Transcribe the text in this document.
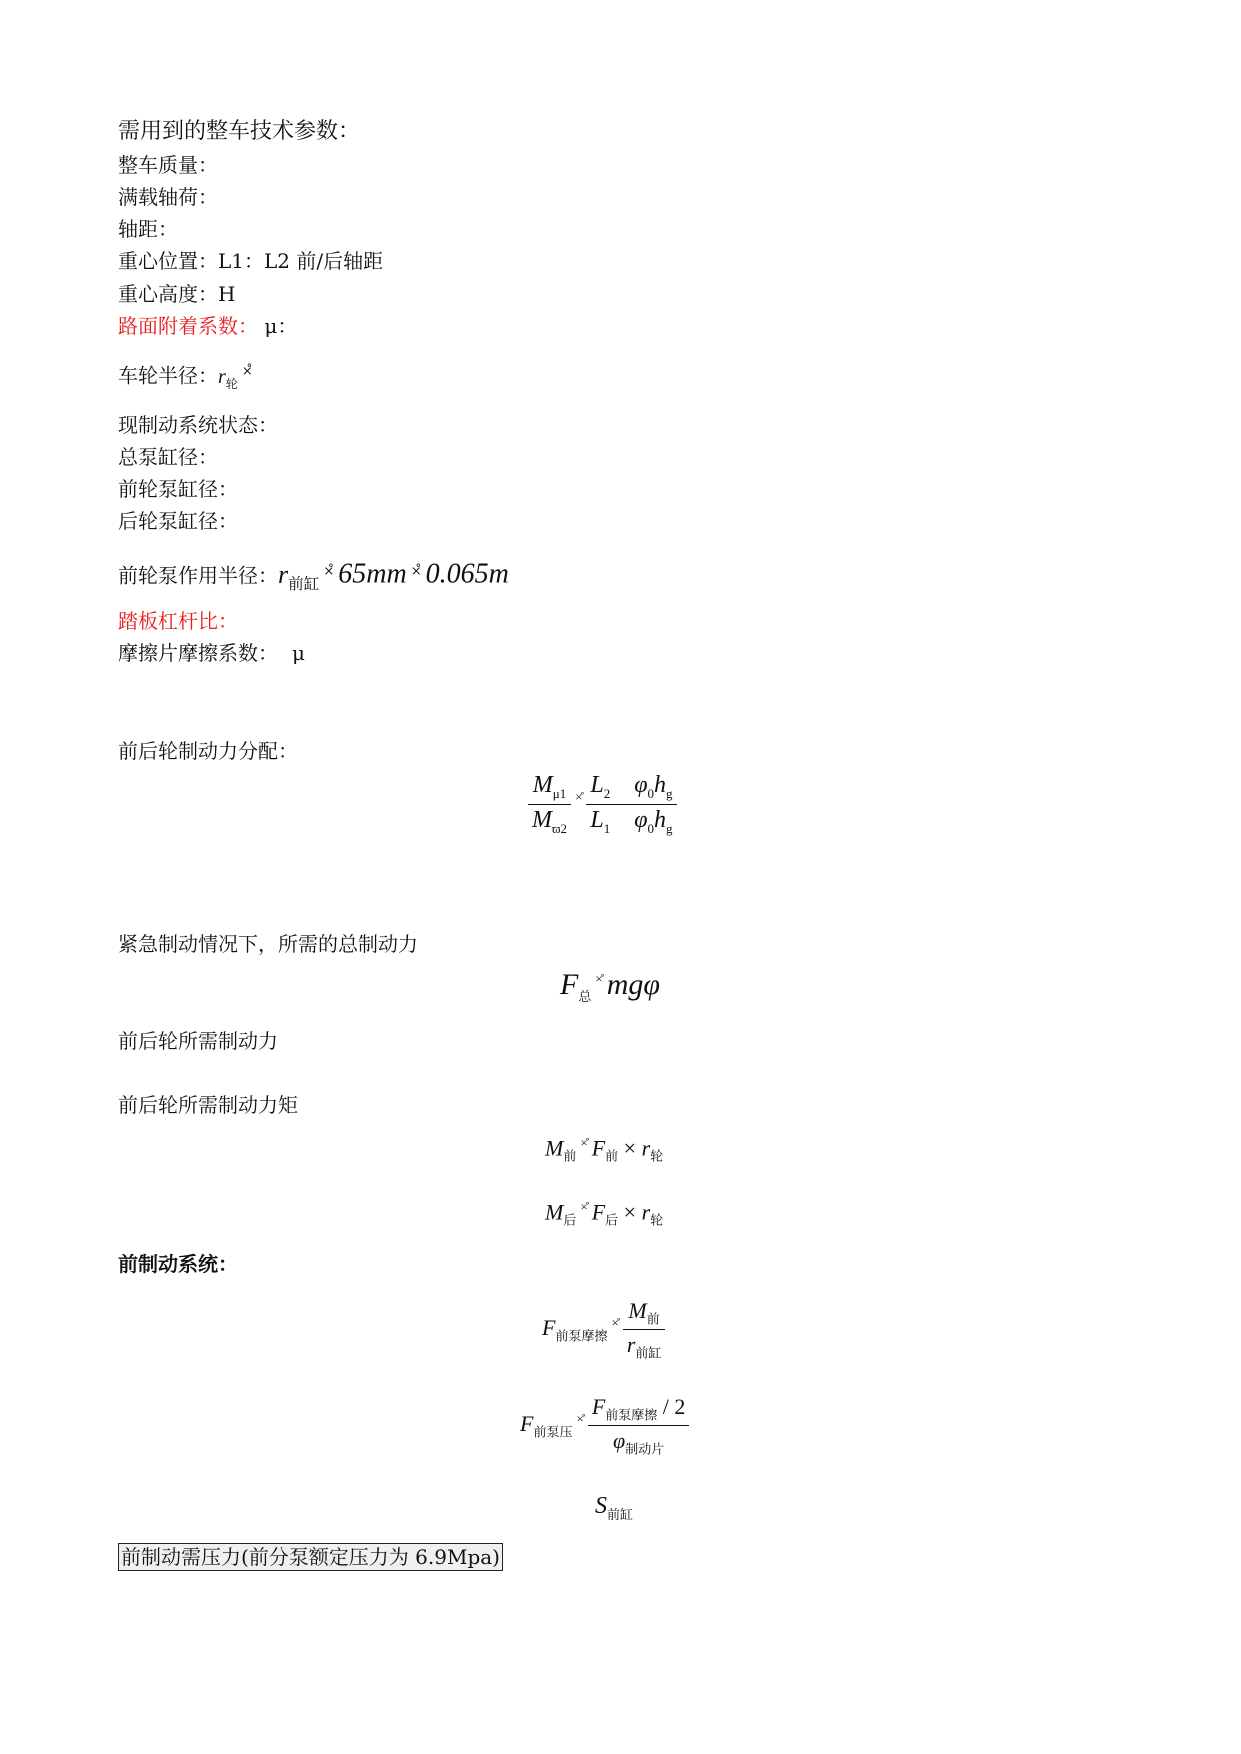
需用到的整车技术参数：
整车质量：
满载轴荷：
轴距：
重心位置：L1：L2 前/后轴距
重心高度：H
路面附着系数： μ：
车轮半径：$r_轮^{\times̊}$
现制动系统状态：
总泵缸径：
前轮泵缸径：
后轮泵缸径：
前轮泵作用半径：$r_{前缸}^{\times̊}$ 65mm ×̊ 0.065m
踏板杠杆比：
摩擦片摩擦系数： μ
前后轮制动力分配：
$\frac{M_{\mu 1}}{M_{ϖ2}} ^{\times̊} \frac{L_2 \varphi_0h_g}{L_1 \varphi_0h_g}$
紧急制动情况下，所需的总制动力
$F_总^{\times̊}$ mgφ
前后轮所需制动力
前后轮所需制动力矩
$M_前^{\times̊}$ $F_前 \times r_轮$
$M_后^{\times̊}$ $F_后 \times r_轮$
前制动系统：
$F_{前泵摩擦}^{\times̊} \frac{M_前}{r_{前缸}}$
$F_{前泵压}^{\times̊} \frac{F_{前泵摩擦} / 2}{\varphi_{制动片}}$
$S_{前缸}$
前制动需压力(前分泵额定压力为 6.9Mpa)
